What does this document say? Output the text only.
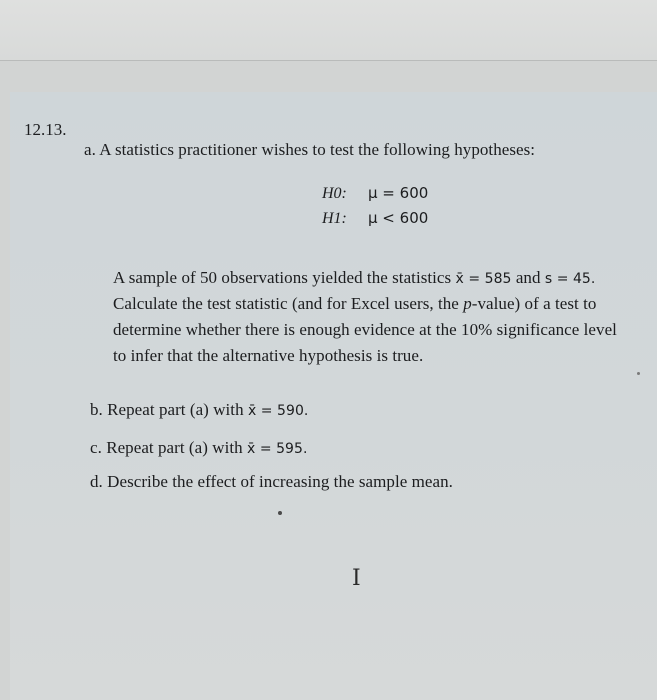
12.13.
a. A statistics practitioner wishes to test the following hypotheses:
H0: μ = 600
H1: μ < 600
A sample of 50 observations yielded the statistics x̄ = 585 and s = 45.
Calculate the test statistic (and for Excel users, the p-value) of a test to
determine whether there is enough evidence at the 10% significance level
to infer that the alternative hypothesis is true.
b. Repeat part (a) with x̄ = 590.
c. Repeat part (a) with x̄ = 595.
d. Describe the effect of increasing the sample mean.
I
